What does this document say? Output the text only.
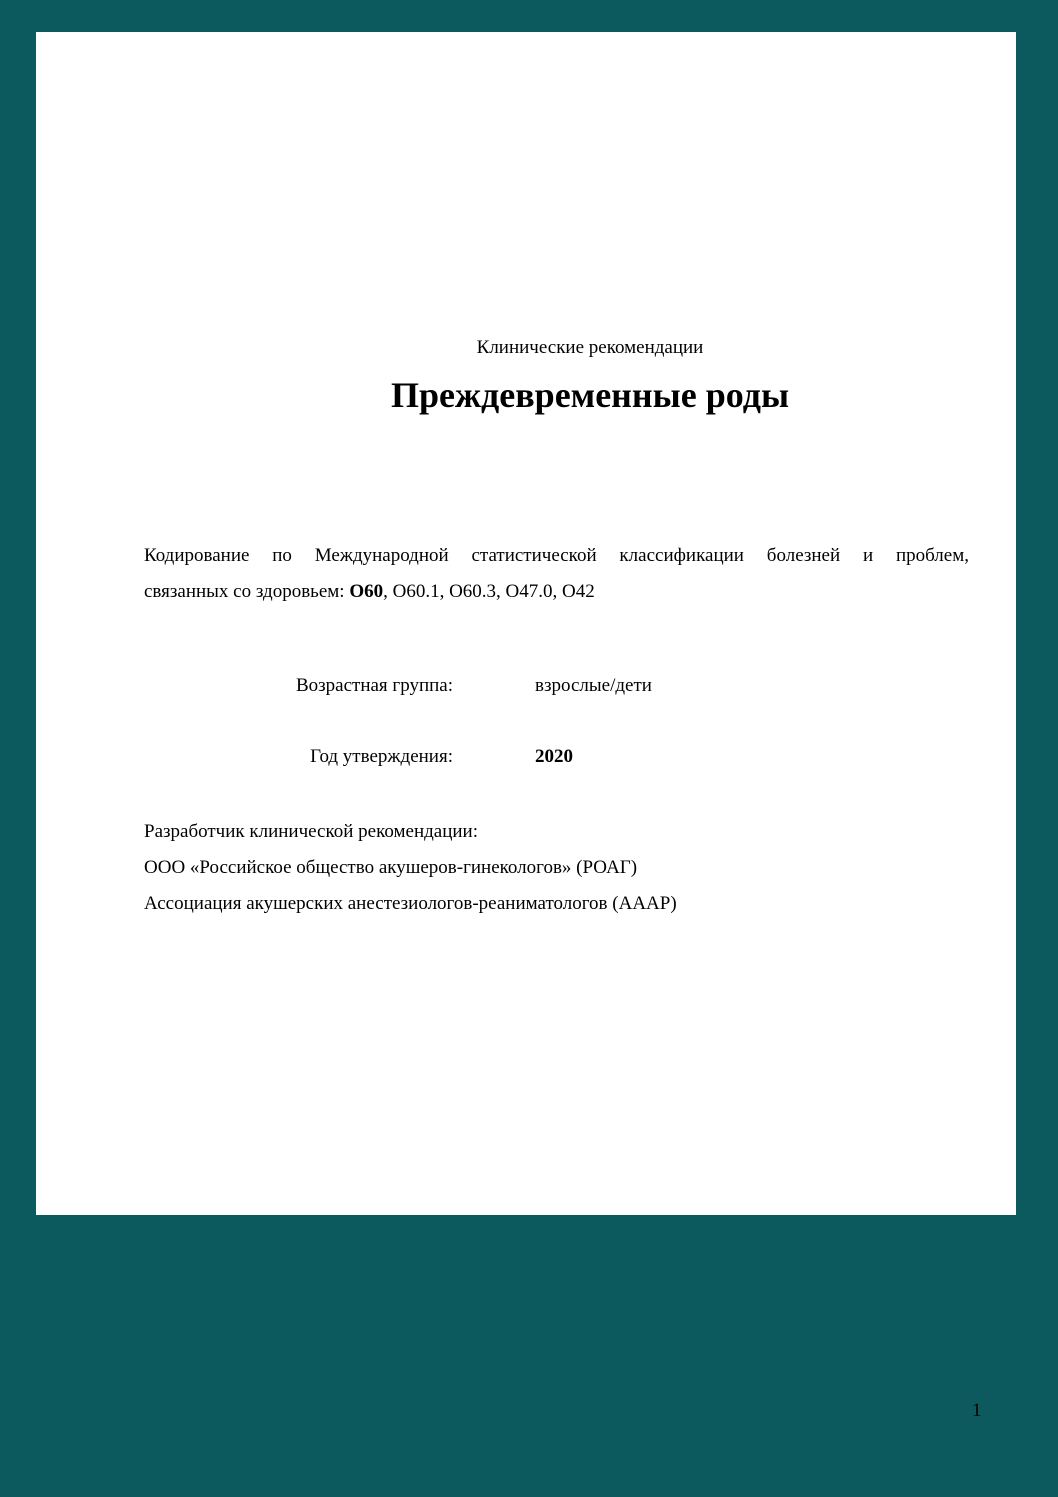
Клинические рекомендации
Преждевременные роды
Кодирование по Международной статистической классификации болезней и проблем,
связанных со здоровьем: O60, O60.1, O60.3, O47.0, O42
Возрастная группа:	взрослые/дети
Год утверждения:	2020
Разработчик клинической рекомендации:
ООО «Российское общество акушеров-гинекологов» (РОАГ)
Ассоциация акушерских анестезиологов-реаниматологов (АААР)
1
